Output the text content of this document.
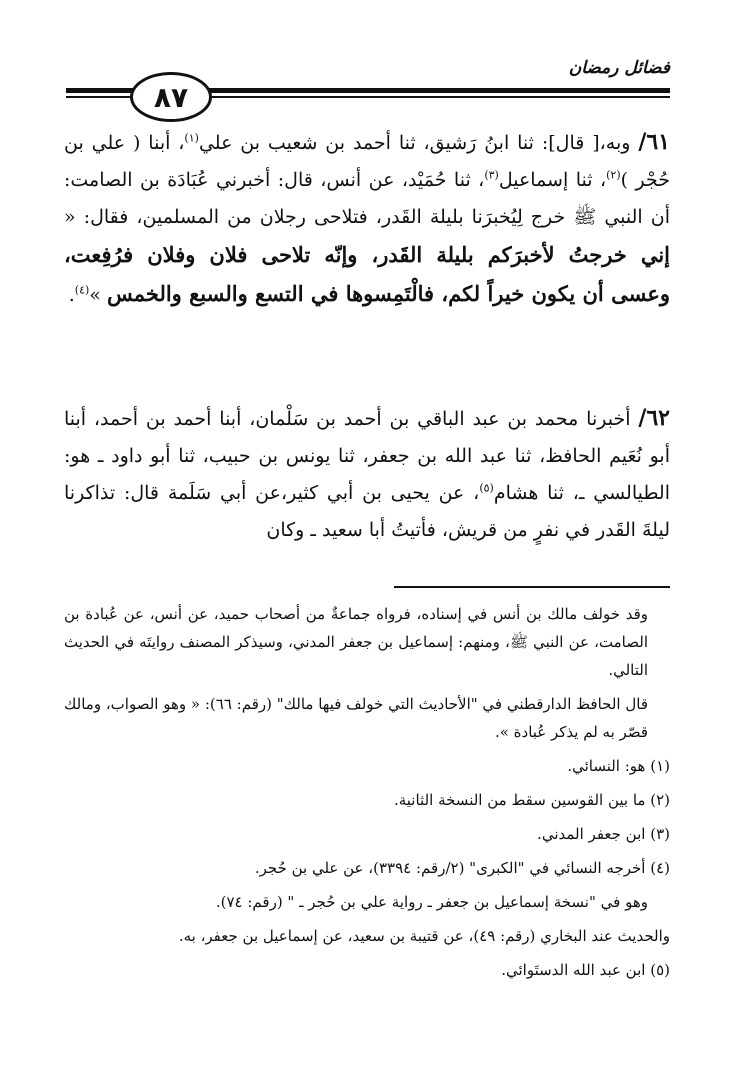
فضائل رمضان
٨٧

٦١/ وبه،[ قال]: ثنا ابنُ رَشيق، ثنا أحمد بن شعيب بن علي$^{(١)}$، أبنا ( علي بن حُجْر )$^{(٢)}$، ثنا إسماعيل$^{(٣)}$، ثنا حُمَيْد، عن أنس، قال: أخبرني عُبَادَة بن الصامت: أن النبي ﷺ خرج لِيُخبرَنا بليلة القَدر، فتلاحى رجلان من المسلمين، فقال: « إني خرجتُ لأخبرَكم بليلة القَدر، وإنّه تلاحى فلان وفلان فرُفِعت، وعسى أن يكون خيراً لكم، فالْتَمِسوها في التسع والسبع والخمس »$^{(٤)}$.

٦٢/ أخبرنا محمد بن عبد الباقي بن أحمد بن سَلْمان، أبنا أحمد بن أحمد، أبنا أبو نُعَيم الحافظ، ثنا عبد الله بن جعفر، ثنا يونس بن حبيب، ثنا أبو داود ـ هو: الطيالسي ـ، ثنا هشام$^{(٥)}$، عن يحيى بن أبي كثير،عن أبي سَلَمة قال: تذاكرنا ليلةَ القَدر في نفرٍ من قريش، فأتيتُ أبا سعيد ـ وكان

وقد خولف مالك بن أنس في إسناده، فرواه جماعةٌ من أصحاب حميد، عن أنس، عن عُبادة بن الصامت، عن النبي ﷺ، ومنهم: إسماعيل بن جعفر المدني، وسيذكر المصنف روايتَه في الحديث التالي.

قال الحافظ الدارقطني في "الأحاديث التي خولف فيها مالك" (رقم: ٦٦): « وهو الصواب، ومالك قصّر به لم يذكر عُبادة ».

(١) هو: النسائي.

(٢) ما بين القوسين سقط من النسخة الثانية.

(٣) ابن جعفر المدني.

(٤) أخرجه النسائي في "الكبرى" (٢/رقم: ٣٣٩٤)، عن علي بن حُجر.

وهو في "نسخة إسماعيل بن جعفر ـ رواية علي بن حُجر ـ " (رقم: ٧٤).

والحديث عند البخاري (رقم: ٤٩)، عن قتيبة بن سعيد، عن إسماعيل بن جعفر، به.

(٥) ابن عبد الله الدستَوائي.
